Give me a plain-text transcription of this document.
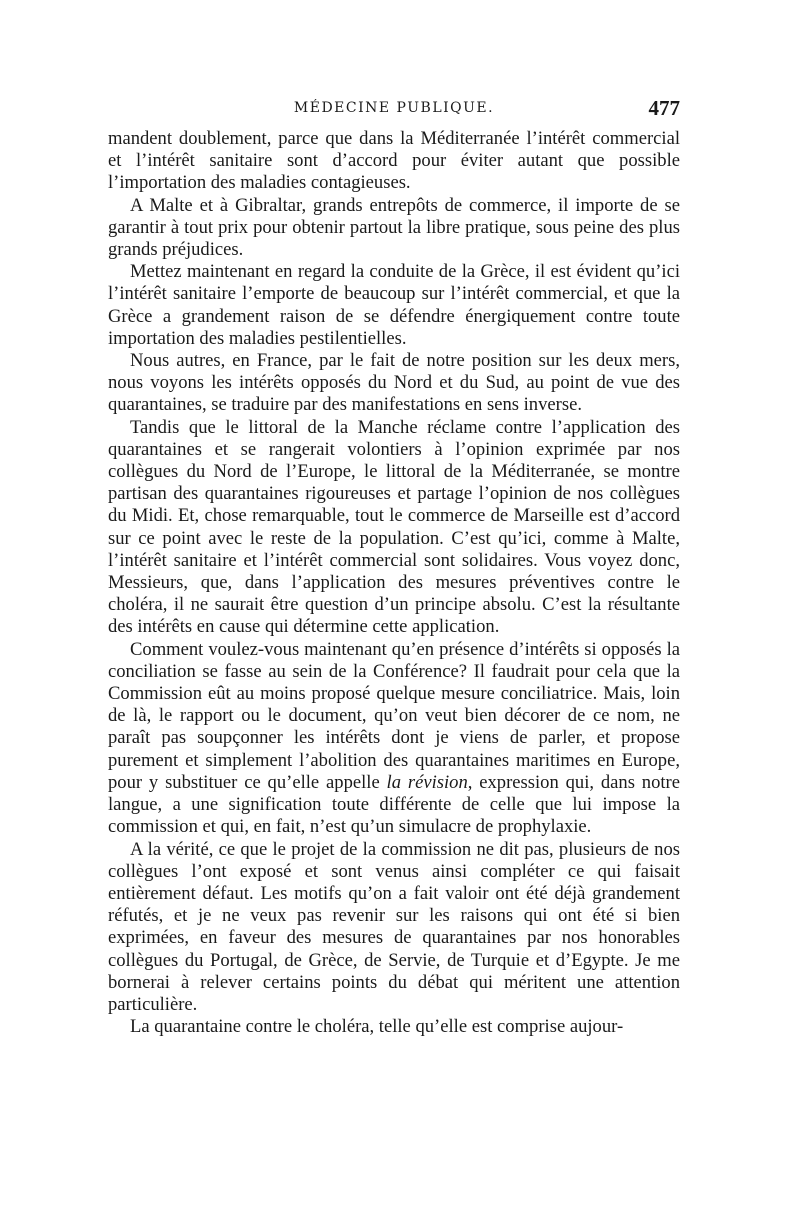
MÉDECINE PUBLIQUE.	477

mandent doublement, parce que dans la Méditerranée l’intérêt commercial et l’intérêt sanitaire sont d’accord pour éviter autant que possible l’importation des maladies contagieuses.

A Malte et à Gibraltar, grands entrepôts de commerce, il importe de se garantir à tout prix pour obtenir partout la libre pratique, sous peine des plus grands préjudices.

Mettez maintenant en regard la conduite de la Grèce, il est évident qu’ici l’intérêt sanitaire l’emporte de beaucoup sur l’intérêt commercial, et que la Grèce a grandement raison de se défendre énergiquement contre toute importation des maladies pestilentielles.

Nous autres, en France, par le fait de notre position sur les deux mers, nous voyons les intérêts opposés du Nord et du Sud, au point de vue des quarantaines, se traduire par des manifestations en sens inverse.

Tandis que le littoral de la Manche réclame contre l’application des quarantaines et se rangerait volontiers à l’opinion exprimée par nos collègues du Nord de l’Europe, le littoral de la Méditerranée, se montre partisan des quarantaines rigoureuses et partage l’opinion de nos collègues du Midi. Et, chose remarquable, tout le commerce de Marseille est d’accord sur ce point avec le reste de la population. C’est qu’ici, comme à Malte, l’intérêt sanitaire et l’intérêt commercial sont solidaires. Vous voyez donc, Messieurs, que, dans l’application des mesures préventives contre le choléra, il ne saurait être question d’un principe absolu. C’est la résultante des intérêts en cause qui détermine cette application.

Comment voulez-vous maintenant qu’en présence d’intérêts si opposés la conciliation se fasse au sein de la Conférence? Il faudrait pour cela que la Commission eût au moins proposé quelque mesure conciliatrice. Mais, loin de là, le rapport ou le document, qu’on veut bien décorer de ce nom, ne paraît pas soupçonner les intérêts dont je viens de parler, et propose purement et simplement l’abolition des quarantaines maritimes en Europe, pour y substituer ce qu’elle appelle la révision, expression qui, dans notre langue, a une signification toute différente de celle que lui impose la commission et qui, en fait, n’est qu’un simulacre de prophylaxie.

A la vérité, ce que le projet de la commission ne dit pas, plusieurs de nos collègues l’ont exposé et sont venus ainsi compléter ce qui faisait entièrement défaut. Les motifs qu’on a fait valoir ont été déjà grandement réfutés, et je ne veux pas revenir sur les raisons qui ont été si bien exprimées, en faveur des mesures de quarantaines par nos honorables collègues du Portugal, de Grèce, de Servie, de Turquie et d’Egypte. Je me bornerai à relever certains points du débat qui méritent une attention particulière.

La quarantaine contre le choléra, telle qu’elle est comprise aujour-
